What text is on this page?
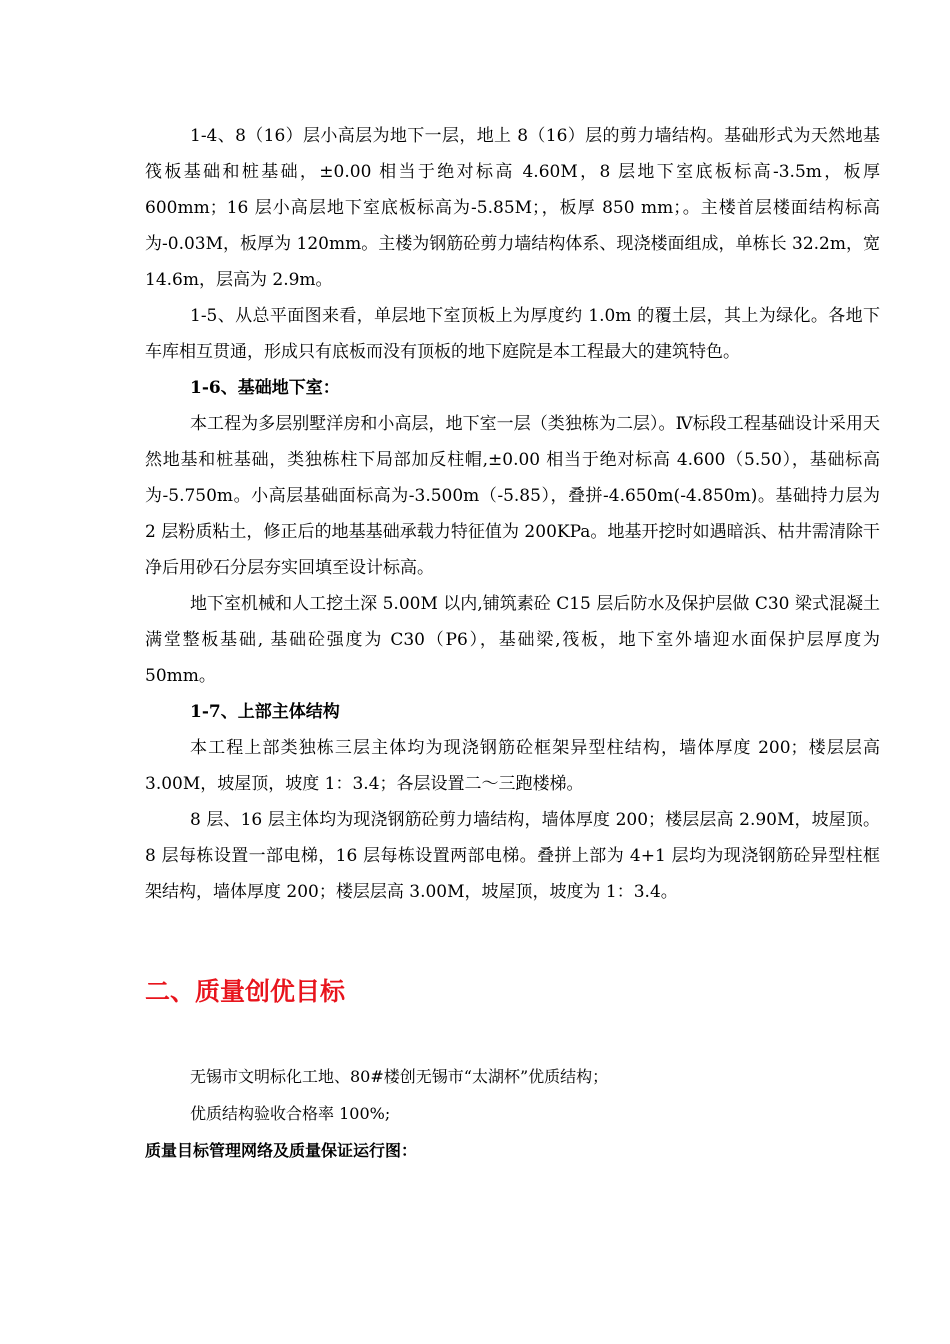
1-4、8（16）层小高层为地下一层，地上 8（16）层的剪力墙结构。基础形式为天然地基筏板基础和桩基础，±0.00 相当于绝对标高 4.60M，8 层地下室底板标高-3.5m，板厚 600mm；16 层小高层地下室底板标高为-5.85M；，板厚 850 mm；。主楼首层楼面结构标高为-0.03M，板厚为 120mm。主楼为钢筋砼剪力墙结构体系、现浇楼面组成，单栋长 32.2m，宽 14.6m，层高为 2.9m。

1-5、从总平面图来看，单层地下室顶板上为厚度约 1.0m 的覆土层，其上为绿化。各地下车库相互贯通，形成只有底板而没有顶板的地下庭院是本工程最大的建筑特色。

1-6、基础地下室：

本工程为多层别墅洋房和小高层，地下室一层（类独栋为二层）。Ⅳ标段工程基础设计采用天然地基和桩基础，类独栋柱下局部加反柱帽,±0.00 相当于绝对标高 4.600（5.50），基础标高为-5.750m。小高层基础面标高为-3.500m（-5.85），叠拼-4.650m(-4.850m)。基础持力层为 2 层粉质粘土，修正后的地基基础承载力特征值为 200KPa。地基开挖时如遇暗浜、枯井需清除干净后用砂石分层夯实回填至设计标高。

地下室机械和人工挖土深 5.00M 以内,铺筑素砼 C15 层后防水及保护层做 C30 梁式混凝土满堂整板基础, 基础砼强度为 C30（P6），基础梁,筏板，地下室外墙迎水面保护层厚度为 50mm。

1-7、上部主体结构

本工程上部类独栋三层主体均为现浇钢筋砼框架异型柱结构，墙体厚度 200；楼层层高 3.00M，坡屋顶，坡度 1：3.4；各层设置二～三跑楼梯。

8 层、16 层主体均为现浇钢筋砼剪力墙结构，墙体厚度 200；楼层层高 2.90M，坡屋顶。8 层每栋设置一部电梯，16 层每栋设置两部电梯。叠拼上部为 4+1 层均为现浇钢筋砼异型柱框架结构，墙体厚度 200；楼层层高 3.00M，坡屋顶，坡度为 1：3.4。

二、质量创优目标

无锡市文明标化工地、80#楼创无锡市“太湖杯”优质结构；

优质结构验收合格率 100%;

质量目标管理网络及质量保证运行图：
